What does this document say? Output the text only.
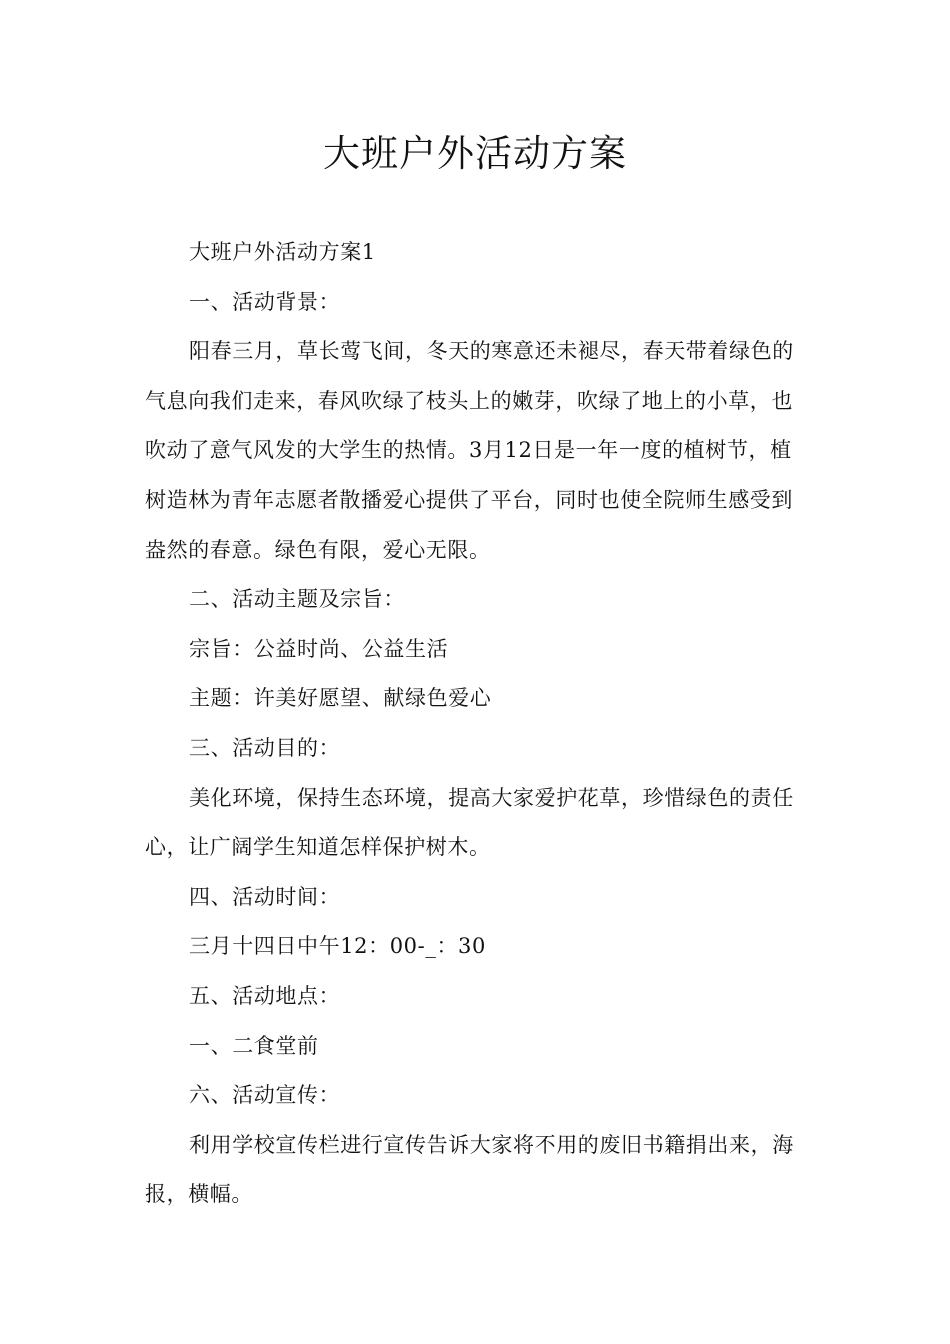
大班户外活动方案

大班户外活动方案1

一、活动背景：

阳春三月，草长莺飞间，冬天的寒意还未褪尽，春天带着绿色的气息向我们走来，春风吹绿了枝头上的嫩芽，吹绿了地上的小草，也吹动了意气风发的大学生的热情。3月12日是一年一度的植树节，植树造林为青年志愿者散播爱心提供了平台，同时也使全院师生感受到盎然的春意。绿色有限，爱心无限。

二、活动主题及宗旨：

宗旨：公益时尚、公益生活

主题：许美好愿望、献绿色爱心

三、活动目的：

美化环境，保持生态环境，提高大家爱护花草，珍惜绿色的责任心，让广阔学生知道怎样保护树木。

四、活动时间：

三月十四日中午12：00-_：30

五、活动地点：

一、二食堂前

六、活动宣传：

利用学校宣传栏进行宣传告诉大家将不用的废旧书籍捐出来，海报，横幅。
